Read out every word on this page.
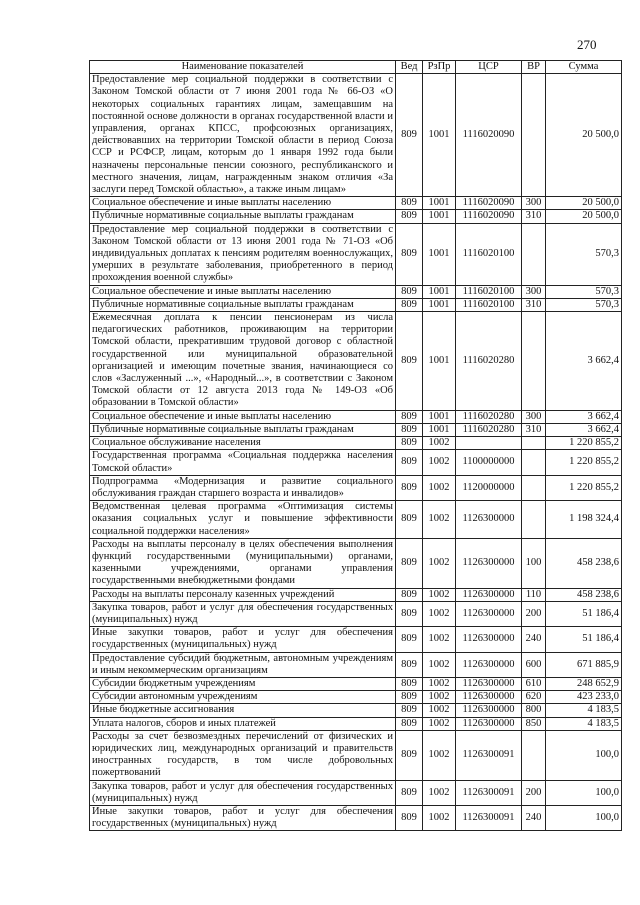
270
Наименование показателей	Вед	РзПр	ЦСР	ВР	Сумма
Предоставление мер социальной поддержки в соответствии с Законом Томской области от 7 июня 2001 года № 66-ОЗ «О некоторых социальных гарантиях лицам, замещавшим на постоянной основе должности в органах государственной власти и управления, органах КПСС, профсоюзных организациях, действовавших на территории Томской области в период Союза ССР и РСФСР, лицам, которым до 1 января 1992 года были назначены персональные пенсии союзного, республиканского и местного значения, лицам, награжденным знаком отличия «За заслуги перед Томской областью», а также иным лицам»	809	1001	1116020090		20 500,0
Социальное обеспечение и иные выплаты населению	809	1001	1116020090	300	20 500,0
Публичные нормативные социальные выплаты гражданам	809	1001	1116020090	310	20 500,0
Предоставление мер социальной поддержки в соответствии с Законом Томской области от 13 июня 2001 года № 71-ОЗ «Об индивидуальных доплатах к пенсиям родителям военнослужащих, умерших в результате заболевания, приобретенного в период прохождения военной службы»	809	1001	1116020100		570,3
Социальное обеспечение и иные выплаты населению	809	1001	1116020100	300	570,3
Публичные нормативные социальные выплаты гражданам	809	1001	1116020100	310	570,3
Ежемесячная доплата к пенсии пенсионерам из числа педагогических работников, проживающим на территории Томской области, прекратившим трудовой договор с областной государственной или муниципальной образовательной организацией и имеющим почетные звания, начинающиеся со слов «Заслуженный ...», «Народный...», в соответствии с Законом Томской области от 12 августа 2013 года № 149-ОЗ «Об образовании в Томской области»	809	1001	1116020280		3 662,4
Социальное обеспечение и иные выплаты населению	809	1001	1116020280	300	3 662,4
Публичные нормативные социальные выплаты гражданам	809	1001	1116020280	310	3 662,4
Социальное обслуживание населения	809	1002			1 220 855,2
Государственная программа «Социальная поддержка населения Томской области»	809	1002	1100000000		1 220 855,2
Подпрограмма «Модернизация и развитие социального обслуживания граждан старшего возраста и инвалидов»	809	1002	1120000000		1 220 855,2
Ведомственная целевая программа «Оптимизация системы оказания социальных услуг и повышение эффективности социальной поддержки населения»	809	1002	1126300000		1 198 324,4
Расходы на выплаты персоналу в целях обеспечения выполнения функций государственными (муниципальными) органами, казенными учреждениями, органами управления государственными внебюджетными фондами	809	1002	1126300000	100	458 238,6
Расходы на выплаты персоналу казенных учреждений	809	1002	1126300000	110	458 238,6
Закупка товаров, работ и услуг для обеспечения государственных (муниципальных) нужд	809	1002	1126300000	200	51 186,4
Иные закупки товаров, работ и услуг для обеспечения государственных (муниципальных) нужд	809	1002	1126300000	240	51 186,4
Предоставление субсидий бюджетным, автономным учреждениям и иным некоммерческим организациям	809	1002	1126300000	600	671 885,9
Субсидии бюджетным учреждениям	809	1002	1126300000	610	248 652,9
Субсидии автономным учреждениям	809	1002	1126300000	620	423 233,0
Иные бюджетные ассигнования	809	1002	1126300000	800	4 183,5
Уплата налогов, сборов и иных платежей	809	1002	1126300000	850	4 183,5
Расходы за счет безвозмездных перечислений от физических и юридических лиц, международных организаций и правительств иностранных государств, в том числе добровольных пожертвований	809	1002	1126300091		100,0
Закупка товаров, работ и услуг для обеспечения государственных (муниципальных) нужд	809	1002	1126300091	200	100,0
Иные закупки товаров, работ и услуг для обеспечения государственных (муниципальных) нужд	809	1002	1126300091	240	100,0
